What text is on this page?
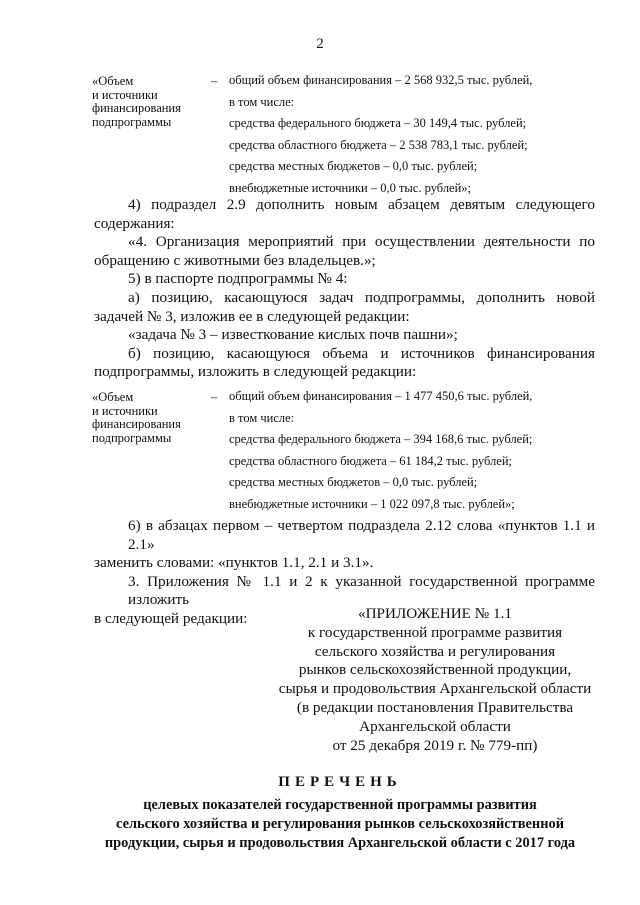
2
«Объем
и источники
финансирования
подпрограммы
– общий объем финансирования – 2 568 932,5 тыс. рублей,
в том числе:
средства федерального бюджета – 30 149,4 тыс. рублей;
средства областного бюджета – 2 538 783,1 тыс. рублей;
средства местных бюджетов – 0,0 тыс. рублей;
внебюджетные источники – 0,0 тыс. рублей»;
4) подраздел 2.9 дополнить новым абзацем девятым следующего
содержания:
«4. Организация мероприятий при осуществлении деятельности по
обращению с животными без владельцев.»;
5) в паспорте подпрограммы № 4:
а) позицию, касающуюся задач подпрограммы, дополнить новой
задачей № 3, изложив ее в следующей редакции:
«задача № 3 – известкование кислых почв пашни»;
б) позицию, касающуюся объема и источников финансирования
подпрограммы, изложить в следующей редакции:
«Объем
и источники
финансирования
подпрограммы
– общий объем финансирования – 1 477 450,6 тыс. рублей,
в том числе:
средства федерального бюджета – 394 168,6 тыс. рублей;
средства областного бюджета – 61 184,2 тыс. рублей;
средства местных бюджетов – 0,0 тыс. рублей;
внебюджетные источники – 1 022 097,8 тыс. рублей»;
6) в абзацах первом – четвертом подраздела 2.12 слова «пунктов 1.1 и 2.1»
заменить словами: «пунктов 1.1, 2.1 и 3.1».
3. Приложения № 1.1 и 2 к указанной государственной программе изложить
в следующей редакции:	«ПРИЛОЖЕНИЕ № 1.1
к государственной программе развития
сельского хозяйства и регулирования
рынков сельскохозяйственной продукции,
сырья и продовольствия Архангельской области
(в редакции постановления Правительства
Архангельской области
от 25 декабря 2019 г. № 779-пп)
ПЕРЕЧЕНЬ
целевых показателей государственной программы развития
сельского хозяйства и регулирования рынков сельскохозяйственной
продукции, сырья и продовольствия Архангельской области с 2017 года
